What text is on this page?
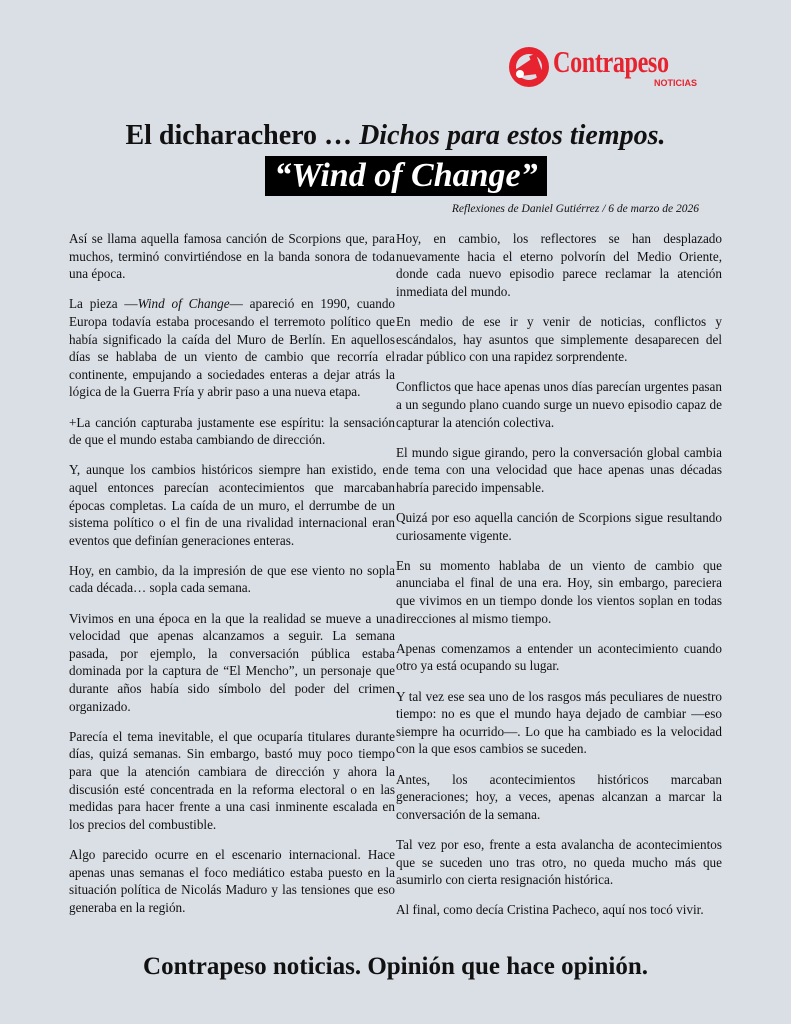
Contrapeso
NOTICIAS
El dicharachero … Dichos para estos tiempos.
“Wind of Change”
Reflexiones de Daniel Gutiérrez / 6 de marzo de 2026

Así se llama aquella famosa canción de Scorpions que, para muchos, terminó convirtiéndose en la banda sonora de toda una época.

La pieza —Wind of Change— apareció en 1990, cuando Europa todavía estaba procesando el terremoto político que había significado la caída del Muro de Berlín. En aquellos días se hablaba de un viento de cambio que recorría el continente, empujando a sociedades enteras a dejar atrás la lógica de la Guerra Fría y abrir paso a una nueva etapa.

+La canción capturaba justamente ese espíritu: la sensación de que el mundo estaba cambiando de dirección.

Y, aunque los cambios históricos siempre han existido, en aquel entonces parecían acontecimientos que marcaban épocas completas. La caída de un muro, el derrumbe de un sistema político o el fin de una rivalidad internacional eran eventos que definían generaciones enteras.

Hoy, en cambio, da la impresión de que ese viento no sopla cada década… sopla cada semana.

Vivimos en una época en la que la realidad se mueve a una velocidad que apenas alcanzamos a seguir. La semana pasada, por ejemplo, la conversación pública estaba dominada por la captura de “El Mencho”, un personaje que durante años había sido símbolo del poder del crimen organizado.

Parecía el tema inevitable, el que ocuparía titulares durante días, quizá semanas. Sin embargo, bastó muy poco tiempo para que la atención cambiara de dirección y ahora la discusión esté concentrada en la reforma electoral o en las medidas para hacer frente a una casi inminente escalada en los precios del combustible.

Algo parecido ocurre en el escenario internacional. Hace apenas unas semanas el foco mediático estaba puesto en la situación política de Nicolás Maduro y las tensiones que eso generaba en la región.

Hoy, en cambio, los reflectores se han desplazado nuevamente hacia el eterno polvorín del Medio Oriente, donde cada nuevo episodio parece reclamar la atención inmediata del mundo.

En medio de ese ir y venir de noticias, conflictos y escándalos, hay asuntos que simplemente desaparecen del radar público con una rapidez sorprendente.

Conflictos que hace apenas unos días parecían urgentes pasan a un segundo plano cuando surge un nuevo episodio capaz de capturar la atención colectiva.

El mundo sigue girando, pero la conversación global cambia de tema con una velocidad que hace apenas unas décadas habría parecido impensable.

Quizá por eso aquella canción de Scorpions sigue resultando curiosamente vigente.

En su momento hablaba de un viento de cambio que anunciaba el final de una era. Hoy, sin embargo, pareciera que vivimos en un tiempo donde los vientos soplan en todas direcciones al mismo tiempo.

Apenas comenzamos a entender un acontecimiento cuando otro ya está ocupando su lugar.

Y tal vez ese sea uno de los rasgos más peculiares de nuestro tiempo: no es que el mundo haya dejado de cambiar —eso siempre ha ocurrido—. Lo que ha cambiado es la velocidad con la que esos cambios se suceden.

Antes, los acontecimientos históricos marcaban generaciones; hoy, a veces, apenas alcanzan a marcar la conversación de la semana.

Tal vez por eso, frente a esta avalancha de acontecimientos que se suceden uno tras otro, no queda mucho más que asumirlo con cierta resignación histórica.

Al final, como decía Cristina Pacheco, aquí nos tocó vivir.

Contrapeso noticias. Opinión que hace opinión.
